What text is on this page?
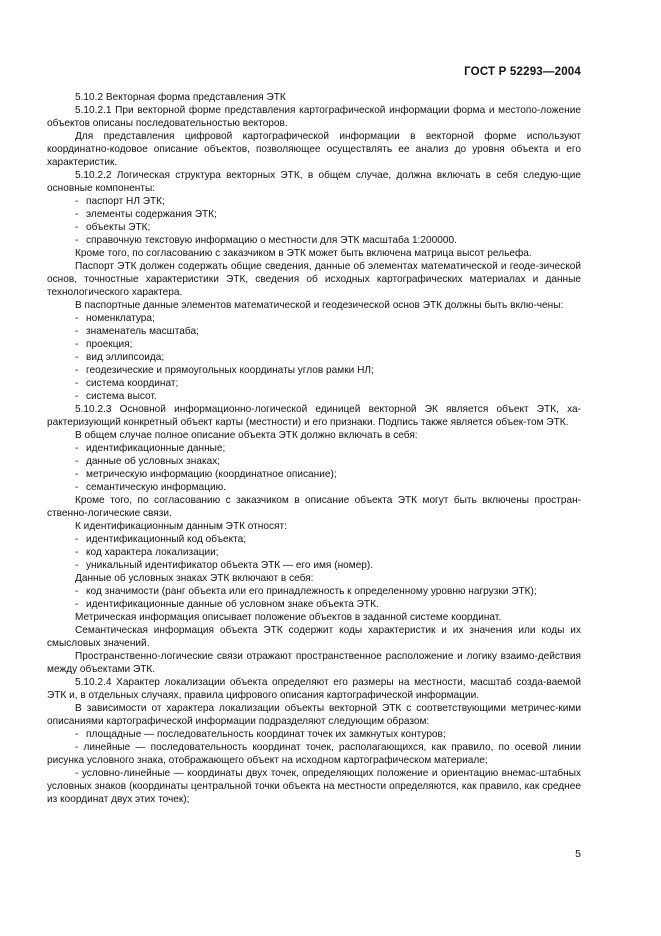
ГОСТ Р 52293—2004

5.10.2 Векторная форма представления ЭТК

5.10.2.1 При векторной форме представления картографической информации форма и местопо-ложение объектов описаны последовательностью векторов.

Для представления цифровой картографической информации в векторной форме используют координатно-кодовое описание объектов, позволяющее осуществлять ее анализ до уровня объекта и его характеристик.

5.10.2.2 Логическая структура векторных ЭТК, в общем случае, должна включать в себя следую-щие основные компоненты:

- паспорт НЛ ЭТК;

- элементы содержания ЭТК;

- объекты ЭТК;

- справочную текстовую информацию о местности для ЭТК масштаба 1:200000.

Кроме того, по согласованию с заказчиком в ЭТК может быть включена матрица высот рельефа.

Паспорт ЭТК должен содержать общие сведения, данные об элементах математической и геоде-зической основ, точностные характеристики ЭТК, сведения об исходных картографических материалах и данные технологического характера.

В паспортные данные элементов математической и геодезической основ ЭТК должны быть вклю-чены:

- номенклатура;

- знаменатель масштаба;

- проекция;

- вид эллипсоида;

- геодезические и прямоугольных координаты углов рамки НЛ;

- система координат;

- система высот.

5.10.2.3 Основной информационно-логической единицей векторной ЭК является объект ЭТК, ха-рактеризующий конкретный объект карты (местности) и его признаки. Подпись также является объек-том ЭТК.

В общем случае полное описание объекта ЭТК должно включать в себя:

- идентификационные данные;

- данные об условных знаках;

- метрическую информацию (координатное описание);

- семантическую информацию.

Кроме того, по согласованию с заказчиком в описание объекта ЭТК могут быть включены простран-ственно-логические связи.

К идентификационным данным ЭТК относят:

- идентификационный код объекта;

- код характера локализации;

- уникальный идентификатор объекта ЭТК — его имя (номер).

Данные об условных знаках ЭТК включают в себя:

- код значимости (ранг объекта или его принадлежность к определенному уровню нагрузки ЭТК);

- идентификационные данные об условном знаке объекта ЭТК.

Метрическая информация описывает положение объектов в заданной системе координат.

Семантическая информация объекта ЭТК содержит коды характеристик и их значения или коды их смысловых значений.

Пространственно-логические связи отражают пространственное расположение и логику взаимо-действия между объектами ЭТК.

5.10.2.4 Характер локализации объекта определяют его размеры на местности, масштаб созда-ваемой ЭТК и, в отдельных случаях, правила цифрового описания картографической информации.

В зависимости от характера локализации объекты векторной ЭТК с соответствующими метричес-кими описаниями картографической информации подразделяют следующим образом:

- площадные — последовательность координат точек их замкнутых контуров;

- линейные — последовательность координат точек, располагающихся, как правило, по осевой линии рисунка условного знака, отображающего объект на исходном картографическом материале;

- условно-линейные — координаты двух точек, определяющих положение и ориентацию внемас-штабных условных знаков (координаты центральной точки объекта на местности определяются, как правило, как среднее из координат двух этих точек);

5
